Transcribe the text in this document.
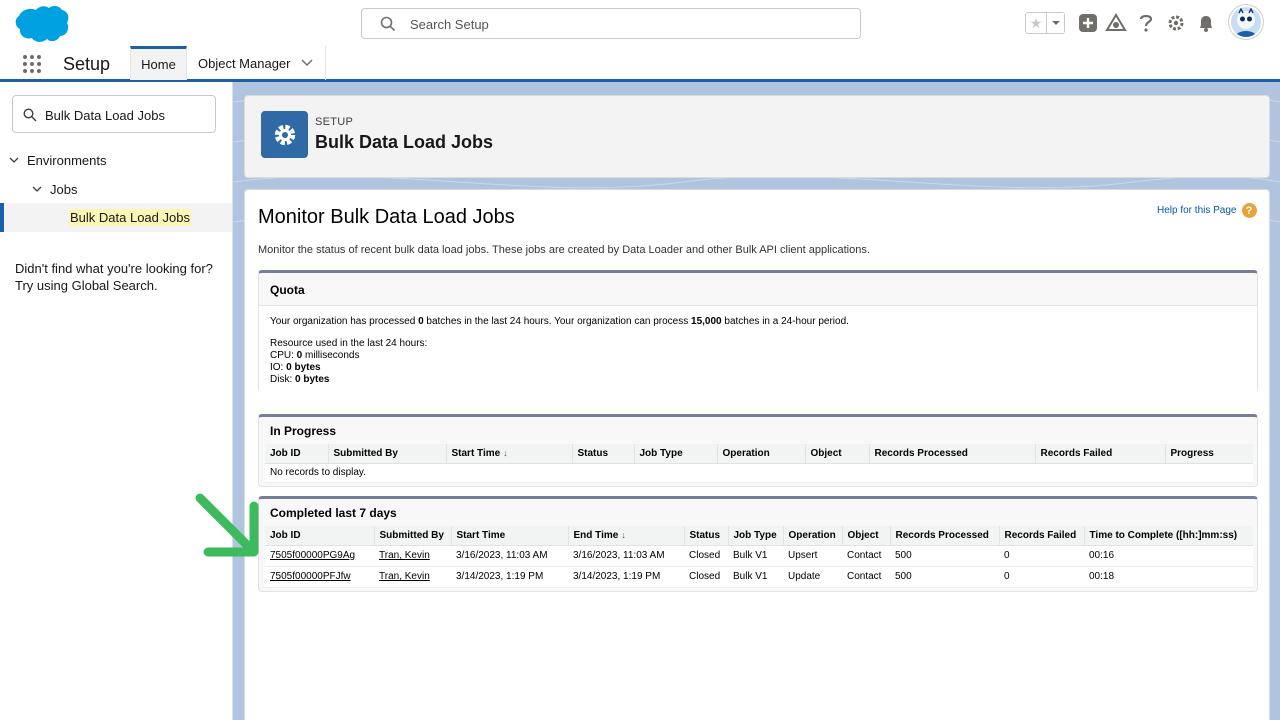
Search Setup
★
Setup	Home	Object Manager
Bulk Data Load Jobs
Environments
Jobs
Bulk Data Load Jobs
Didn't find what you're looking for?
Try using Global Search.
SETUP
Bulk Data Load Jobs
Monitor Bulk Data Load Jobs	Help for this Page ?
Monitor the status of recent bulk data load jobs. These jobs are created by Data Loader and other Bulk API client applications.
Quota

Your organization has processed 0 batches in the last 24 hours. Your organization can process 15,000 batches in a 24-hour period.

Resource used in the last 24 hours:
CPU: 0 milliseconds
IO: 0 bytes
Disk: 0 bytes
In Progress
Job ID	Submitted By	Start Time ↓	Status	Job Type	Operation	Object	Records Processed	Records Failed	Progress
No records to display.
Completed last 7 days
Job ID	Submitted By	Start Time	End Time ↓	Status	Job Type	Operation	Object	Records Processed	Records Failed	Time to Complete ([hh:]mm:ss)
7505f00000PG9Ag	Tran, Kevin	3/16/2023, 11:03 AM	3/16/2023, 11:03 AM	Closed	Bulk V1	Upsert	Contact	500	0	00:16
7505f00000PFJfw	Tran, Kevin	3/14/2023, 1:19 PM	3/14/2023, 1:19 PM	Closed	Bulk V1	Update	Contact	500	0	00:18
